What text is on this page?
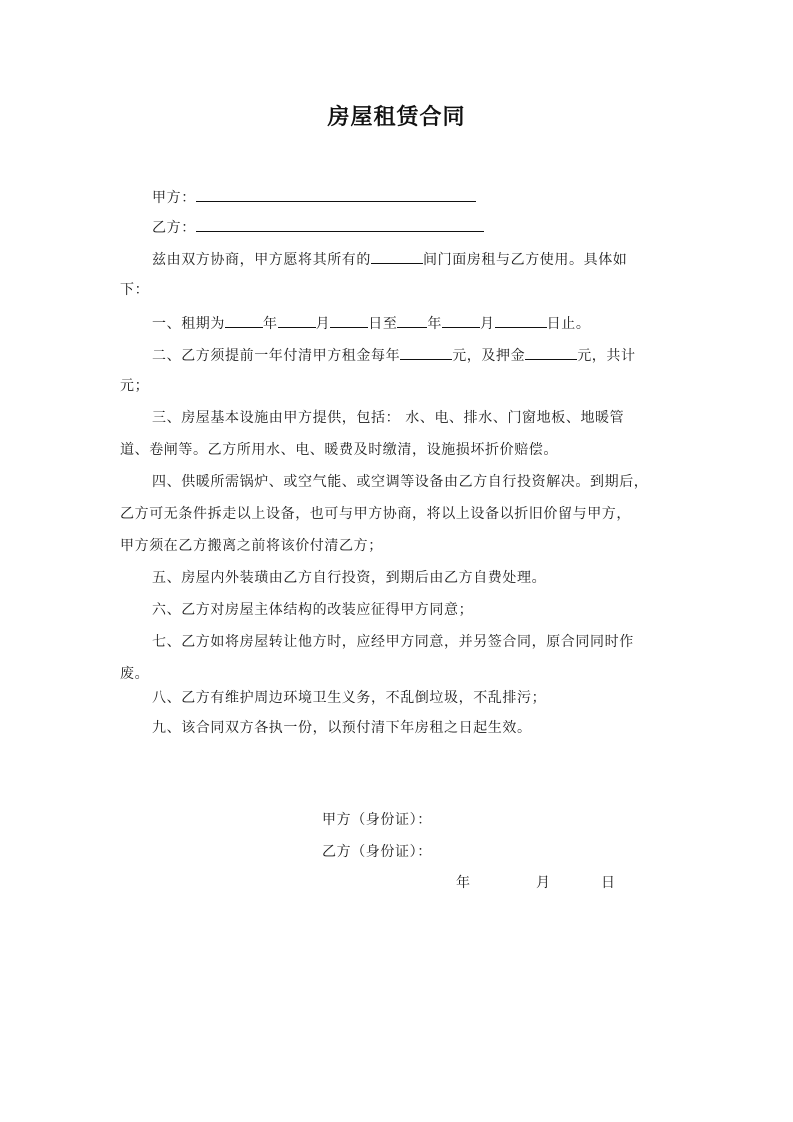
房屋租赁合同
甲方：
乙方：
兹由双方协商，甲方愿将其所有的	间门面房租与乙方使用。具体如
下：
一、租期为	年	月	日至 年	月	日止。
二、乙方须提前一年付清甲方租金每年	元，及押金	元，共计
元；
三、房屋基本设施由甲方提供，包括： 水、电、排水、门窗地板、地暖管
道、卷闸等。乙方所用水、电、暖费及时缴清，设施损坏折价赔偿。
四、供暖所需锅炉、或空气能、或空调等设备由乙方自行投资解决。到期后，
乙方可无条件拆走以上设备，也可与甲方协商，将以上设备以折旧价留与甲方，
甲方须在乙方搬离之前将该价付清乙方；
五、房屋内外装璜由乙方自行投资，到期后由乙方自费处理。
六、乙方对房屋主体结构的改装应征得甲方同意；
七、乙方如将房屋转让他方时，应经甲方同意，并另签合同，原合同同时作
废。
八、乙方有维护周边环境卫生义务，不乱倒垃圾，不乱排污；
九、该合同双方各执一份，以预付清下年房租之日起生效。
甲方（身份证）：
乙方（身份证）：
年	月	日
